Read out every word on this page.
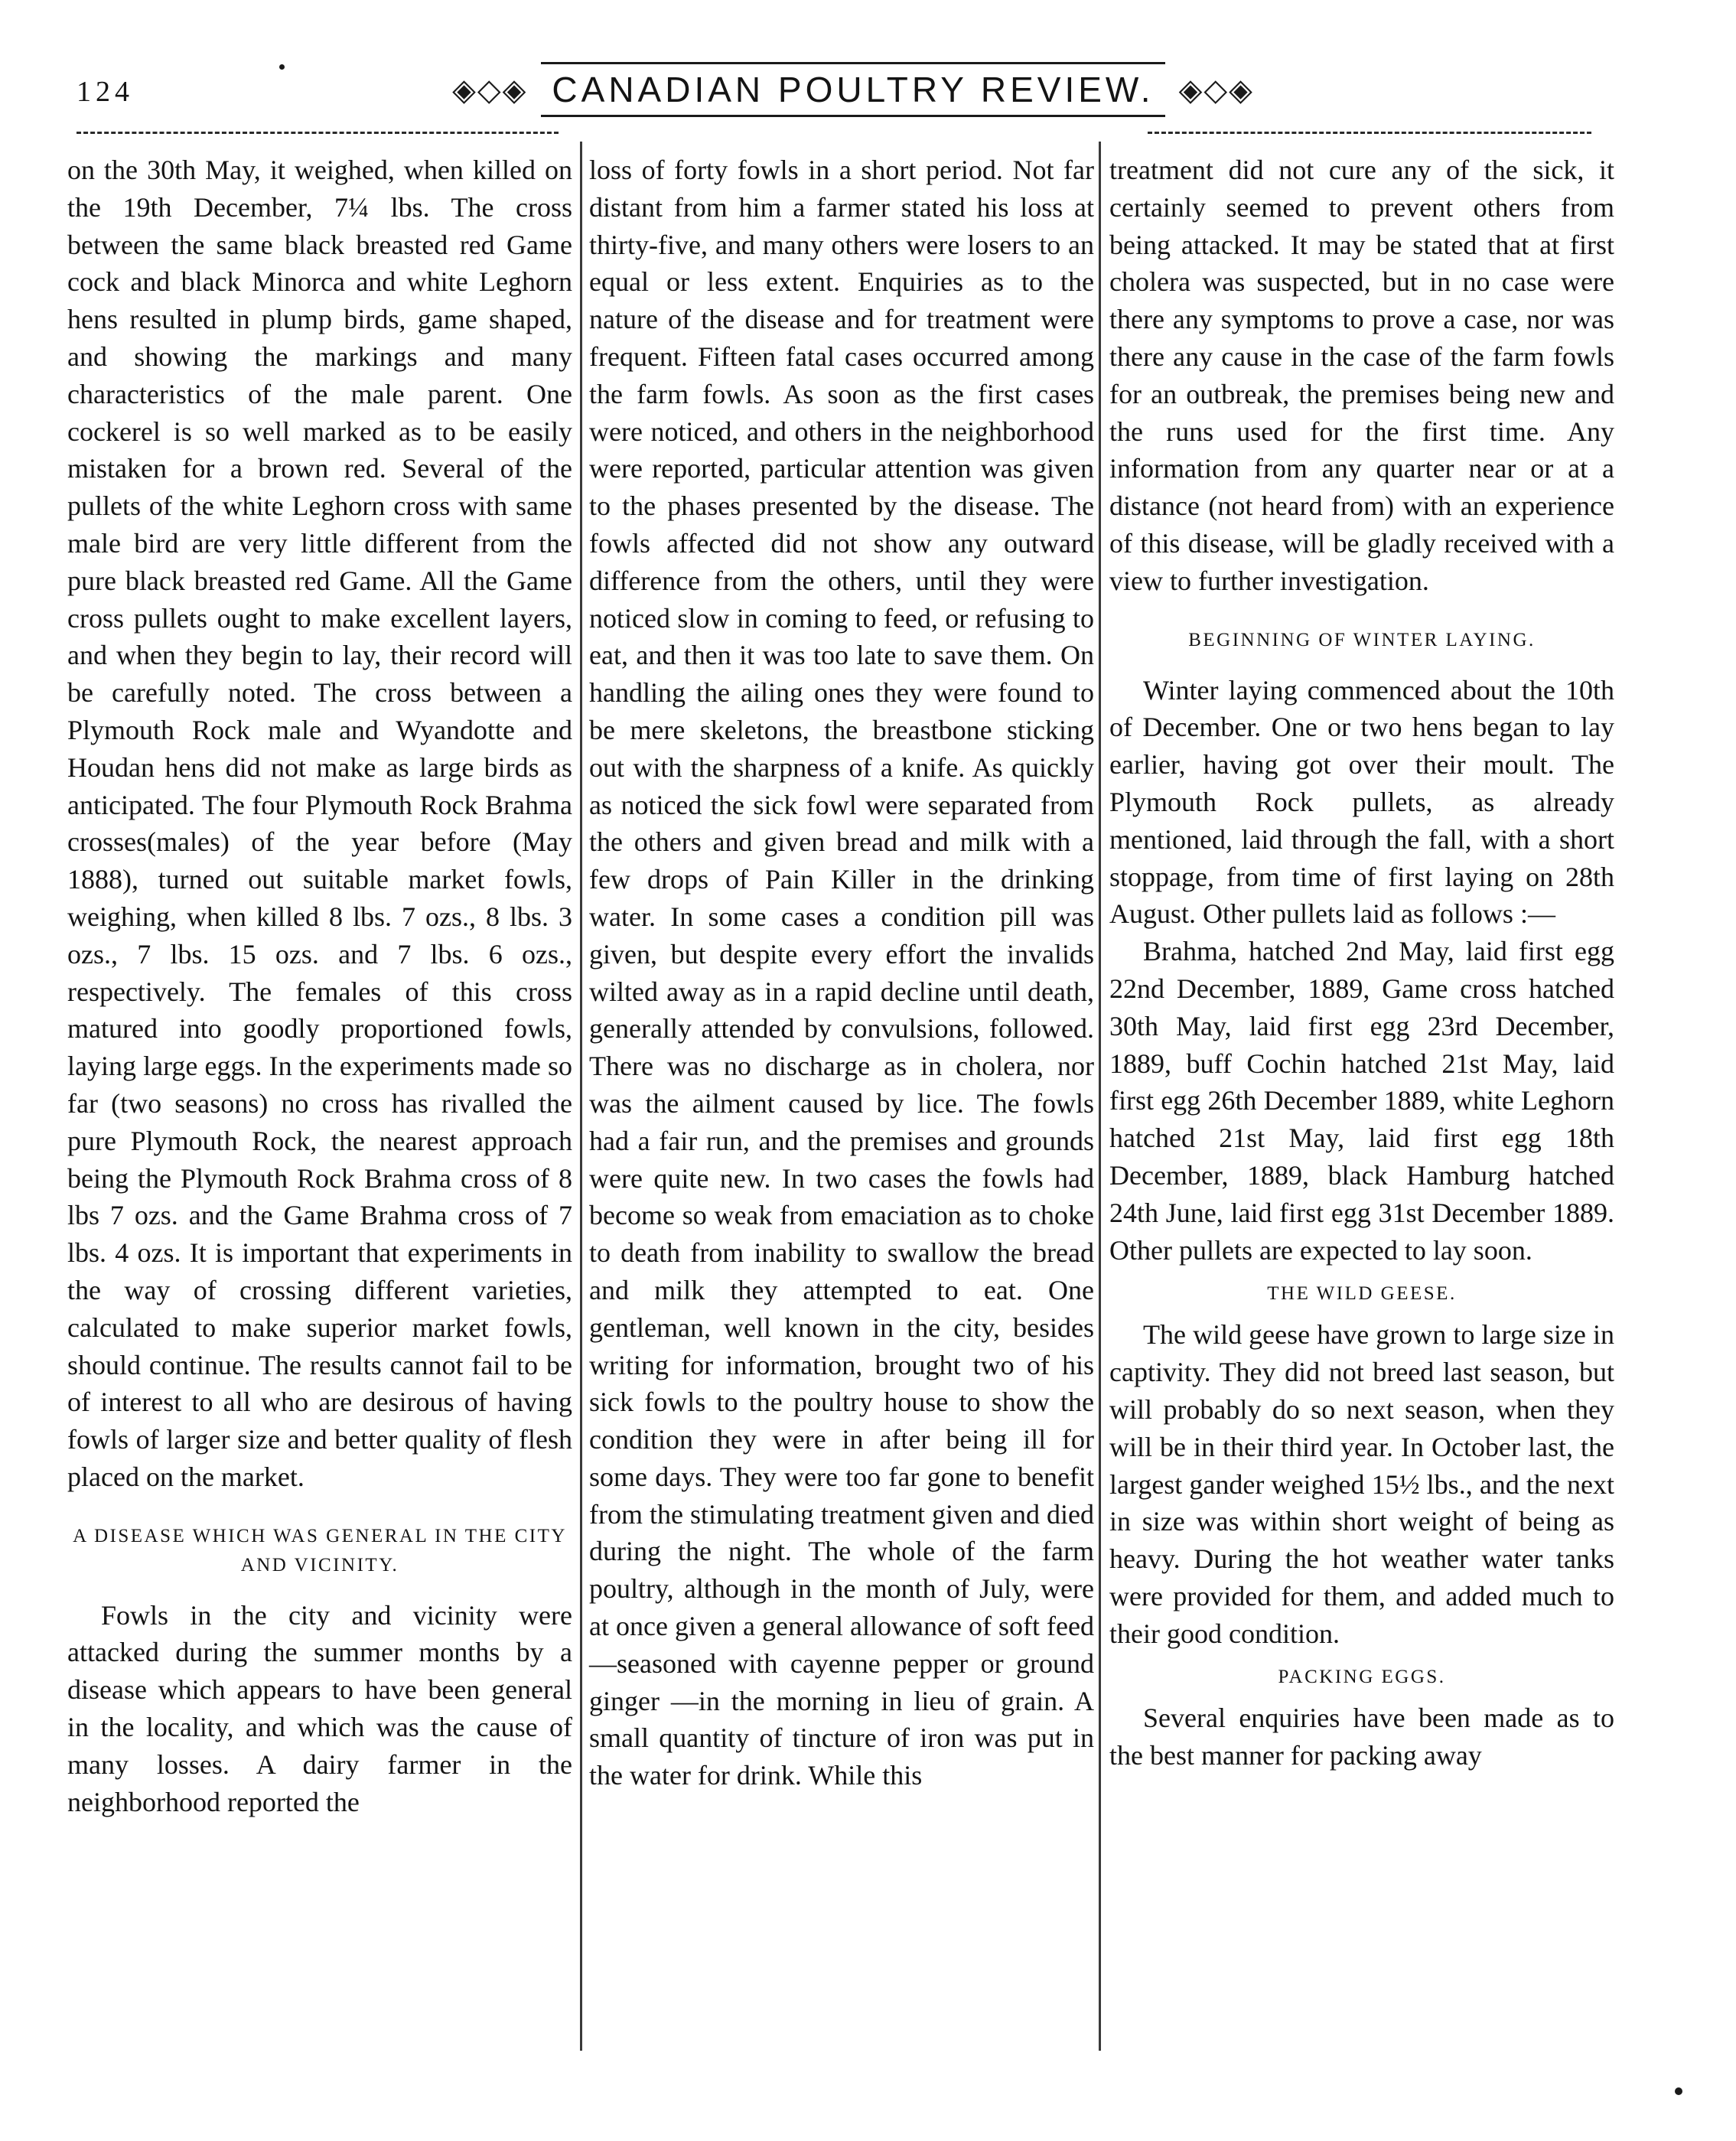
124	◈◇◈ CANADIAN POULTRY REVIEW. ◈◇◈

on the 30th May, it weighed, when killed on the 19th December, 7¼ lbs. The cross between the same black breasted red Game cock and black Minorca and white Leghorn hens resulted in plump birds, game shaped, and showing the markings and many characteristics of the male parent. One cockerel is so well marked as to be easily mistaken for a brown red. Several of the pullets of the white Leghorn cross with same male bird are very little different from the pure black breasted red Game. All the Game cross pullets ought to make excellent layers, and when they begin to lay, their record will be carefully noted. The cross between a Plymouth Rock male and Wyandotte and Houdan hens did not make as large birds as anticipated. The four Plymouth Rock Brahma crosses(males) of the year before (May 1888), turned out suitable market fowls, weighing, when killed 8 lbs. 7 ozs., 8 lbs. 3 ozs., 7 lbs. 15 ozs. and 7 lbs. 6 ozs., respectively. The females of this cross matured into goodly proportioned fowls, laying large eggs. In the experiments made so far (two seasons) no cross has rivalled the pure Plymouth Rock, the nearest approach being the Plymouth Rock Brahma cross of 8 lbs 7 ozs. and the Game Brahma cross of 7 lbs. 4 ozs. It is important that experiments in the way of crossing different varieties, calculated to make superior market fowls, should continue. The results cannot fail to be of interest to all who are desirous of having fowls of larger size and better quality of flesh placed on the market.

A DISEASE WHICH WAS GENERAL IN THE CITY AND VICINITY.

Fowls in the city and vicinity were attacked during the summer months by a disease which appears to have been general in the locality, and which was the cause of many losses. A dairy farmer in the neighborhood reported the

loss of forty fowls in a short period. Not far distant from him a farmer stated his loss at thirty-five, and many others were losers to an equal or less extent. Enquiries as to the nature of the disease and for treatment were frequent. Fifteen fatal cases occurred among the farm fowls. As soon as the first cases were noticed, and others in the neighborhood were reported, particular attention was given to the phases presented by the disease. The fowls affected did not show any outward difference from the others, until they were noticed slow in coming to feed, or refusing to eat, and then it was too late to save them. On handling the ailing ones they were found to be mere skeletons, the breastbone sticking out with the sharpness of a knife. As quickly as noticed the sick fowl were separated from the others and given bread and milk with a few drops of Pain Killer in the drinking water. In some cases a condition pill was given, but despite every effort the invalids wilted away as in a rapid decline until death, generally attended by convulsions, followed. There was no discharge as in cholera, nor was the ailment caused by lice. The fowls had a fair run, and the premises and grounds were quite new. In two cases the fowls had become so weak from emaciation as to choke to death from inability to swallow the bread and milk they attempted to eat. One gentleman, well known in the city, besides writing for information, brought two of his sick fowls to the poultry house to show the condition they were in after being ill for some days. They were too far gone to benefit from the stimulating treatment given and died during the night. The whole of the farm poultry, although in the month of July, were at once given a general allowance of soft feed—seasoned with cayenne pepper or ground ginger —in the morning in lieu of grain. A small quantity of tincture of iron was put in the water for drink. While this

treatment did not cure any of the sick, it certainly seemed to prevent others from being attacked. It may be stated that at first cholera was suspected, but in no case were there any symptoms to prove a case, nor was there any cause in the case of the farm fowls for an outbreak, the premises being new and the runs used for the first time. Any information from any quarter near or at a distance (not heard from) with an experience of this disease, will be gladly received with a view to further investigation.

BEGINNING OF WINTER LAYING.

Winter laying commenced about the 10th of December. One or two hens began to lay earlier, having got over their moult. The Plymouth Rock pullets, as already mentioned, laid through the fall, with a short stoppage, from time of first laying on 28th August. Other pullets laid as follows :—

Brahma, hatched 2nd May, laid first egg 22nd December, 1889, Game cross hatched 30th May, laid first egg 23rd December, 1889, buff Cochin hatched 21st May, laid first egg 26th December 1889, white Leghorn hatched 21st May, laid first egg 18th December, 1889, black Hamburg hatched 24th June, laid first egg 31st December 1889. Other pullets are expected to lay soon.

THE WILD GEESE.

The wild geese have grown to large size in captivity. They did not breed last season, but will probably do so next season, when they will be in their third year. In October last, the largest gander weighed 15½ lbs., and the next in size was within short weight of being as heavy. During the hot weather water tanks were provided for them, and added much to their good condition.

PACKING EGGS.

Several enquiries have been made as to the best manner for packing away
